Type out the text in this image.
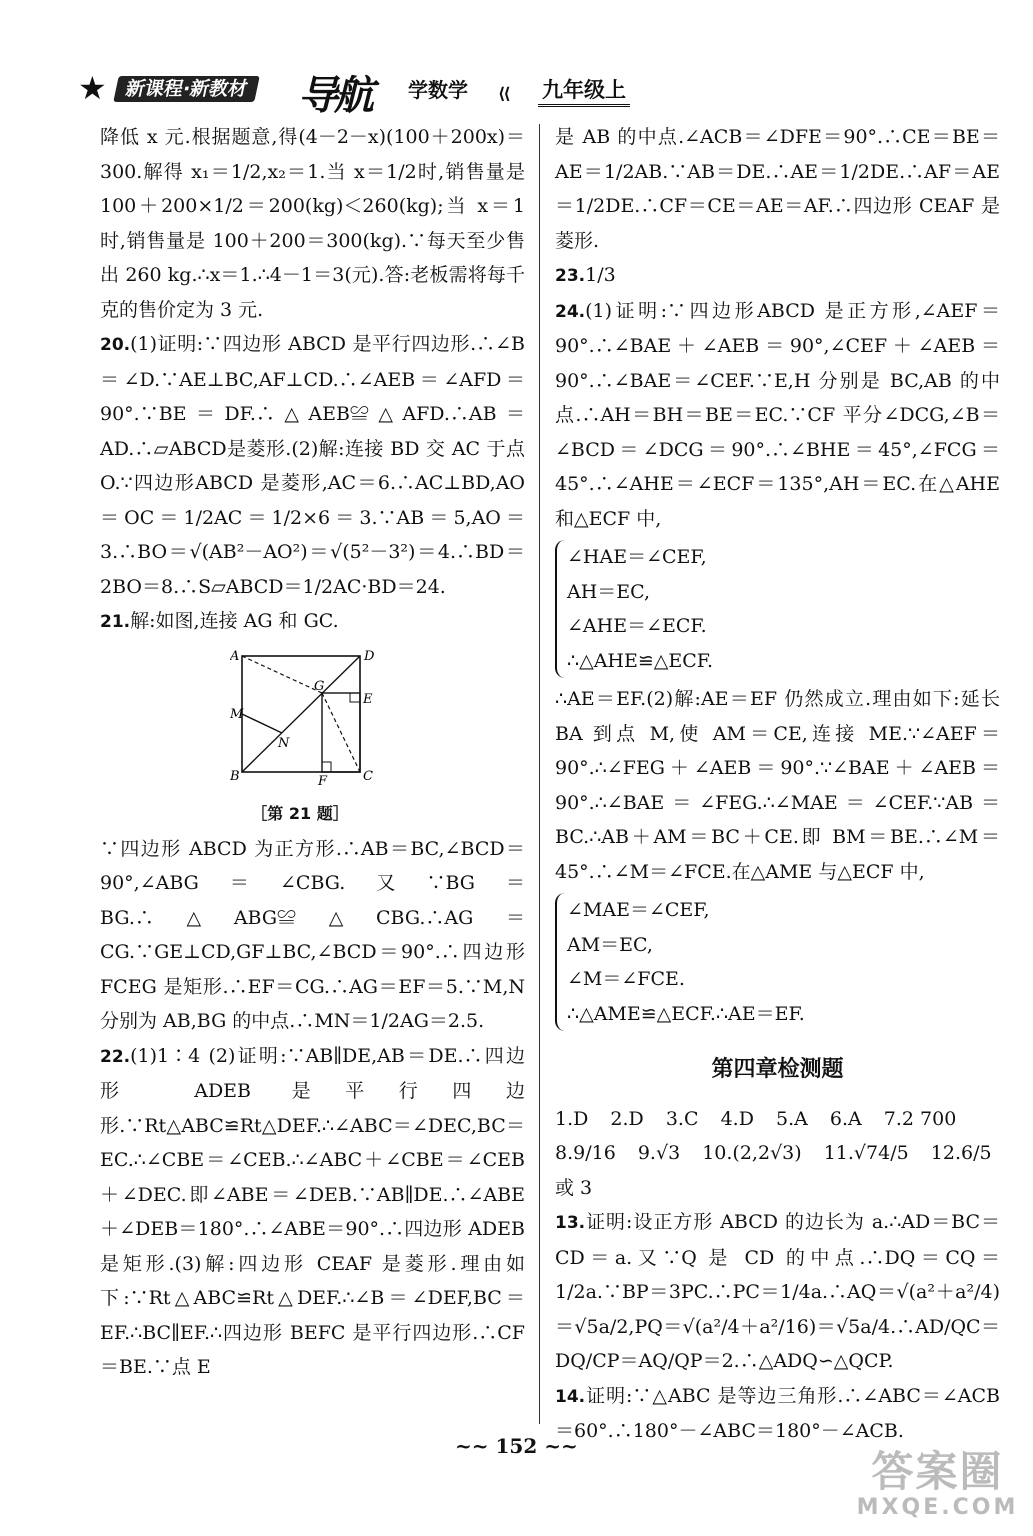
★ 新课程·新教材 导航	⟨⟨
学数学	九年级上

降低 x 元.根据题意,得(4－2－x)(100＋200x)＝300.解得 x₁＝1/2,x₂＝1.当 x＝1/2时,销售量是 100＋200×1/2＝200(kg)＜260(kg);当 x＝1 时,销售量是 100＋200＝300(kg).∵每天至少售出 260 kg.∴x＝1.∴4－1＝3(元).答:老板需将每千克的售价定为 3 元.

20.(1)证明:∵四边形 ABCD 是平行四边形.∴∠B＝∠D.∵AE⊥BC,AF⊥CD.∴∠AEB＝∠AFD＝90°.∵BE＝DF.∴△AEB≌△AFD.∴AB＝AD.∴▱ABCD是菱形.(2)解:连接 BD 交 AC 于点 O.∵四边形ABCD 是菱形,AC＝6.∴AC⊥BD,AO＝OC＝1/2AC＝1/2×6＝3.∵AB＝5,AO＝3.∴BO＝√(AB²－AO²)＝√(5²－3²)＝4.∴BD＝2BO＝8.∴S▱ABCD＝1/2AC·BD＝24.

21.解:如图,连接 AG 和 GC.

A	D
G
E
M
N
B	F	C
［第 21 题］

∵四边形 ABCD 为正方形.∴AB＝BC,∠BCD＝90°,∠ABG＝∠CBG.又∵BG＝BG.∴△ABG≌△CBG.∴AG＝CG.∵GE⊥CD,GF⊥BC,∠BCD＝90°.∴四边形 FCEG 是矩形.∴EF＝CG.∴AG＝EF＝5.∵M,N 分别为 AB,BG 的中点.∴MN＝1/2AG＝2.5.

22.(1)1∶4 (2)证明:∵AB∥DE,AB＝DE.∴四边形 ADEB 是平行四边形.∵Rt△ABC≌Rt△DEF.∴∠ABC＝∠DEC,BC＝EC.∴∠CBE＝∠CEB.∴∠ABC＋∠CBE＝∠CEB＋∠DEC.即∠ABE＝∠DEB.∵AB∥DE.∴∠ABE＋∠DEB＝180°.∴∠ABE＝90°.∴四边形 ADEB 是矩形.(3)解:四边形 CEAF 是菱形.理由如下:∵Rt△ABC≌Rt△DEF.∴∠B＝∠DEF,BC＝EF.∴BC∥EF.∴四边形 BEFC 是平行四边形.∴CF＝BE.∵点 E

是 AB 的中点.∠ACB＝∠DFE＝90°.∴CE＝BE＝AE＝1/2AB.∵AB＝DE.∴AE＝1/2DE.∴AF＝AE＝1/2DE.∴CF＝CE＝AE＝AF.∴四边形 CEAF 是菱形.

23.1/3

24.(1)证明:∵四边形ABCD 是正方形,∠AEF＝90°.∴∠BAE＋∠AEB＝90°,∠CEF＋∠AEB＝90°.∴∠BAE＝∠CEF.∵E,H 分别是 BC,AB 的中点.∴AH＝BH＝BE＝EC.∵CF 平分∠DCG,∠B＝∠BCD＝∠DCG＝90°.∴∠BHE＝45°,∠FCG＝45°.∴∠AHE＝∠ECF＝135°,AH＝EC.在△AHE和△ECF 中,

∠HAE＝∠CEF,
AH＝EC,
∠AHE＝∠ECF.
∴△AHE≌△ECF.

∴AE＝EF.(2)解:AE＝EF 仍然成立.理由如下:延长 BA 到点 M,使 AM＝CE,连接 ME.∵∠AEF＝90°.∴∠FEG＋∠AEB＝90°.∵∠BAE＋∠AEB＝90°.∴∠BAE＝∠FEG.∴∠MAE＝∠CEF.∵AB＝BC.∴AB＋AM＝BC＋CE.即 BM＝BE.∴∠M＝45°.∴∠M＝∠FCE.在△AME 与△ECF 中,

∠MAE＝∠CEF,
AM＝EC,
∠M＝∠FCE.
∴△AME≌△ECF.∴AE＝EF.
第四章检测题
1.D 2.D 3.C 4.D 5.A 6.A 7.2 700
8.9/16 9.√3 10.(2,2√3) 11.√74/5 12.6/5或 3

13.证明:设正方形 ABCD 的边长为 a.∴AD＝BC＝CD＝a.又∵Q 是 CD 的中点.∴DQ＝CQ＝1/2a.∵BP＝3PC.∴PC＝1/4a.∴AQ＝√(a²＋a²/4)＝√5a/2,PQ＝√(a²/4＋a²/16)＝√5a/4.∴AD/QC＝DQ/CP＝AQ/QP＝2.∴△ADQ∽△QCP.

14.证明:∵△ABC 是等边三角形.∴∠ABC＝∠ACB＝60°.∴180°－∠ABC＝180°－∠ACB.

~~ 152 ~~
答案圈
MXQE.COM
